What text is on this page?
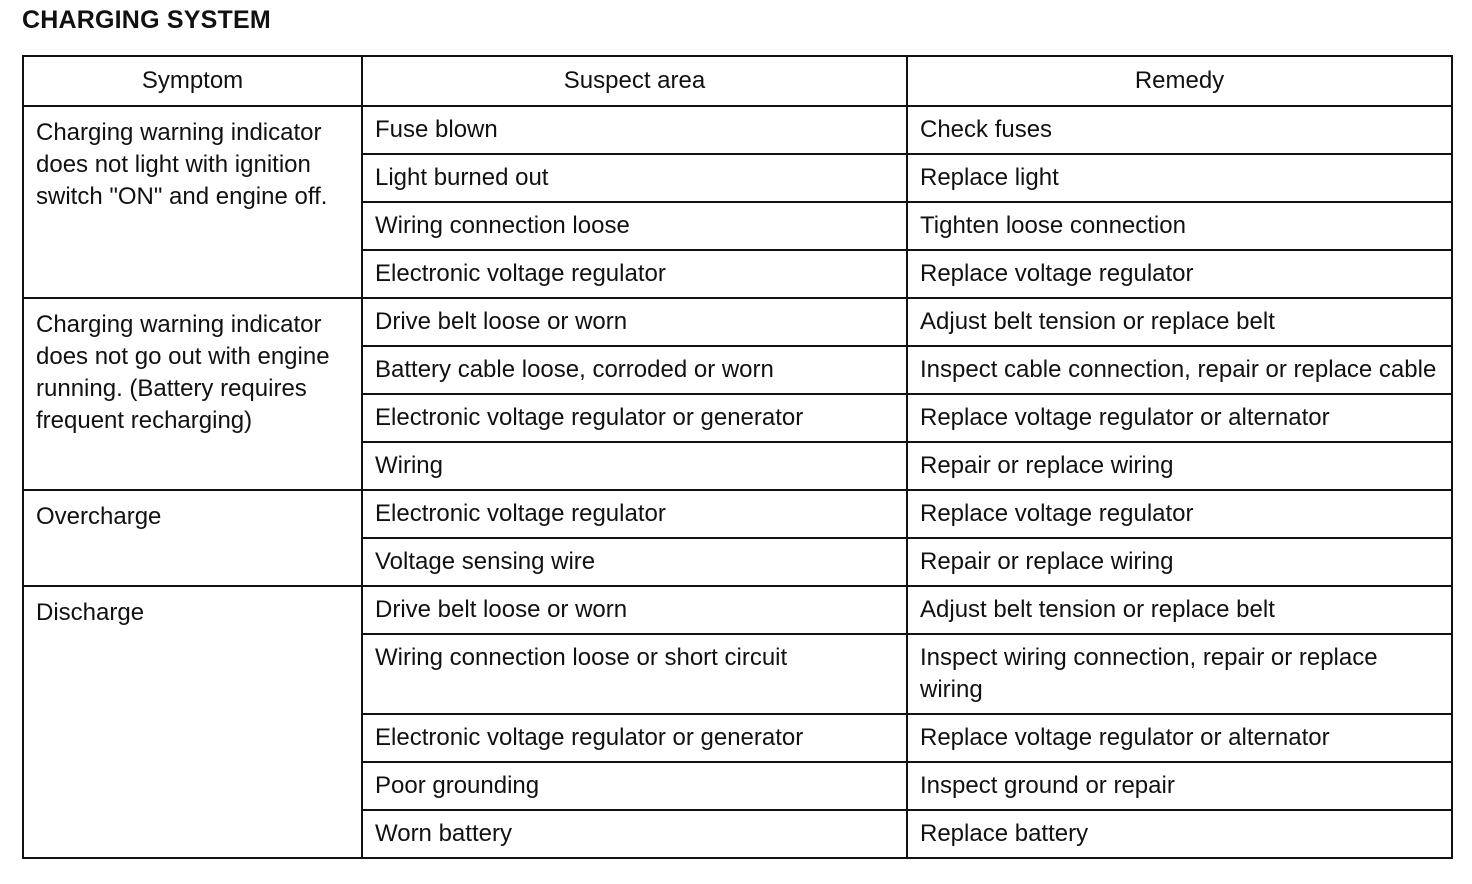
CHARGING SYSTEM
Symptom	Suspect area	Remedy
Charging warning indicator does not light with ignition switch "ON" and engine off.	Fuse blown	Check fuses
	Light burned out	Replace light
	Wiring connection loose	Tighten loose connection
	Electronic voltage regulator	Replace voltage regulator
Charging warning indicator does not go out with engine running. (Battery requires frequent recharging)	Drive belt loose or worn	Adjust belt tension or replace belt
	Battery cable loose, corroded or worn	Inspect cable connection, repair or replace cable
	Electronic voltage regulator or generator	Replace voltage regulator or alternator
	Wiring	Repair or replace wiring
Overcharge	Electronic voltage regulator	Replace voltage regulator
	Voltage sensing wire	Repair or replace wiring
Discharge	Drive belt loose or worn	Adjust belt tension or replace belt
	Wiring connection loose or short circuit	Inspect wiring connection, repair or replace wiring
	Electronic voltage regulator or generator	Replace voltage regulator or alternator
	Poor grounding	Inspect ground or repair
	Worn battery	Replace battery
